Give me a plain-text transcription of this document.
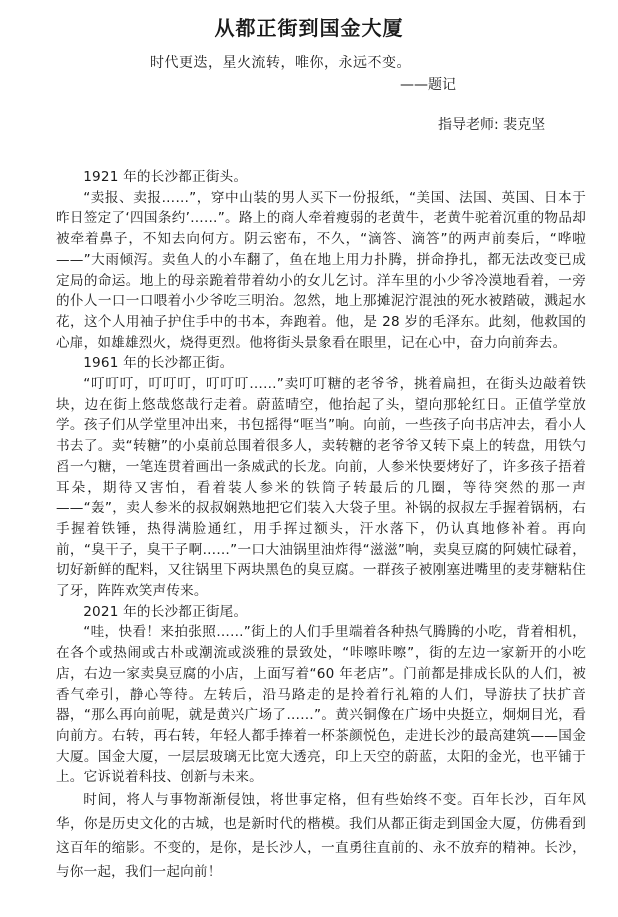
从都正街到国金大厦
时代更迭，星火流转，唯你，永远不变。
——题记
指导老师: 裴克坚

1921 年的长沙都正街头。

“卖报、卖报……”，穿中山装的男人买下一份报纸，“美国、法国、英国、日本于昨日签定了‘四国条约’……”。路上的商人牵着瘦弱的老黄牛，老黄牛驼着沉重的物品却被牵着鼻子，不知去向何方。阴云密布，不久，“滴答、滴答”的两声前奏后，“哗啦——”大雨倾泻。卖鱼人的小车翻了，鱼在地上用力扑腾，拼命挣扎，都无法改变已成定局的命运。地上的母亲跪着带着幼小的女儿乞讨。洋车里的小少爷冷漠地看着，一旁的仆人一口一口喂着小少爷吃三明治。忽然，地上那摊泥泞混浊的死水被踏破，溅起水花，这个人用袖子护住手中的书本，奔跑着。他，是 28 岁的毛泽东。此刻，他救国的心扉，如雄雄烈火，烧得更烈。他将街头景象看在眼里，记在心中，奋力向前奔去。

1961 年的长沙都正街。

“叮叮叮，叮叮叮，叮叮叮……”卖叮叮糖的老爷爷，挑着扁担，在街头边敲着铁块，边在街上悠哉悠哉行走着。蔚蓝晴空，他抬起了头，望向那轮红日。正值学堂放学。孩子们从学堂里冲出来，书包摇得“哐当”响。向前，一些孩子向书店冲去，看小人书去了。卖“转糖”的小桌前总围着很多人，卖转糖的老爷爷又转下桌上的转盘，用铁勺舀一勺糖，一笔连贯着画出一条威武的长龙。向前，人参米快要烤好了，许多孩子捂着耳朵，期待又害怕，看着装人参米的铁筒子转最后的几圈，等待突然的那一声——“轰”，卖人参米的叔叔娴熟地把它们装入大袋子里。补锅的叔叔左手握着锅柄，右手握着铁锤，热得满脸通红，用手挥过额头，汗水落下，仍认真地修补着。再向前，“臭干子，臭干子啊……”一口大油锅里油炸得“滋滋”响，卖臭豆腐的阿姨忙碌着，切好新鲜的配料，又往锅里下两块黑色的臭豆腐。一群孩子被刚塞进嘴里的麦芽糖粘住了牙，阵阵欢笑声传来。

2021 年的长沙都正街尾。

“哇，快看！来拍张照……”街上的人们手里端着各种热气腾腾的小吃，背着相机，在各个或热闹或古朴或潮流或淡雅的景致处，“咔嚓咔嚓”，街的左边一家新开的小吃店，右边一家卖臭豆腐的小店，上面写着“60 年老店”。门前都是排成长队的人们，被香气牵引，静心等待。左转后，沿马路走的是拎着行礼箱的人们，导游扶了扶扩音器，“那么再向前呢，就是黄兴广场了……”。黄兴铜像在广场中央挺立，炯炯目光，看向前方。右转，再右转，年轻人都手捧着一杯茶颜悦色，走进长沙的最高建筑——国金大厦。国金大厦，一层层玻璃无比宽大透亮，印上天空的蔚蓝，太阳的金光，也平铺于上。它诉说着科技、创新与未来。

时间，将人与事物渐渐侵蚀，将世事定格，但有些始终不变。百年长沙，百年风华，你是历史文化的古城，也是新时代的楷模。我们从都正街走到国金大厦，仿佛看到这百年的缩影。不变的，是你，是长沙人，一直勇往直前的、永不放弃的精神。长沙，与你一起，我们一起向前！
